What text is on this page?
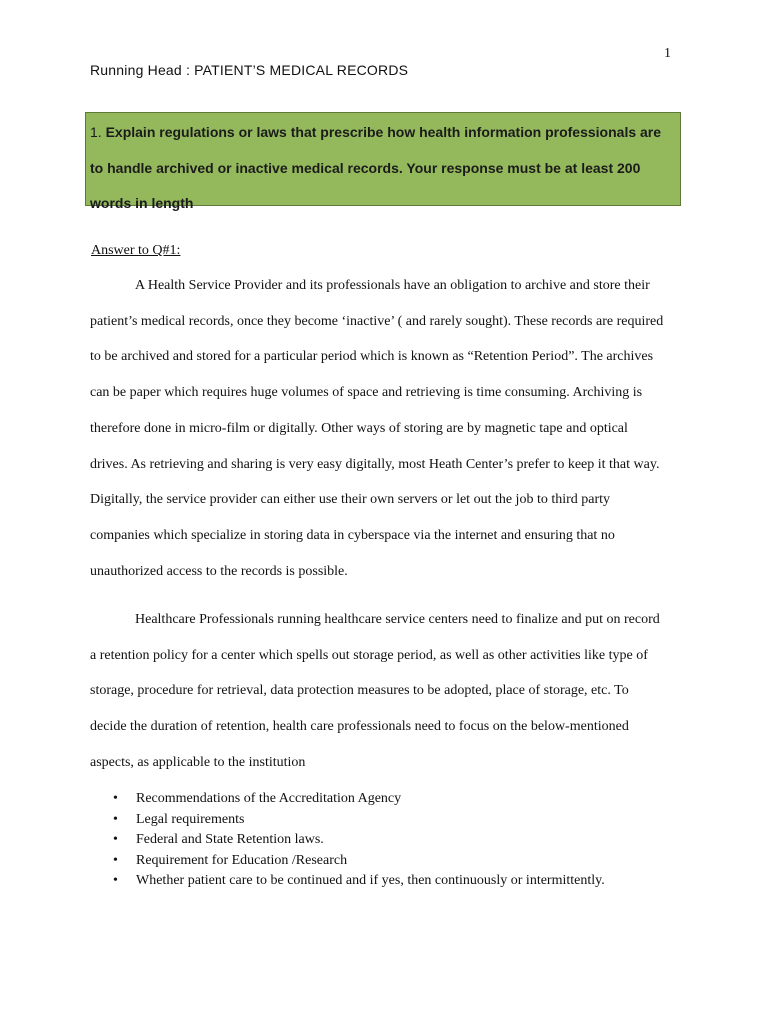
1
Running Head : PATIENT’S MEDICAL RECORDS
1. Explain regulations or laws that prescribe how health information professionals are to handle archived or inactive medical records. Your response must be at least 200 words in length
Answer to Q#1:

A Health Service Provider and its professionals have an obligation to archive and store their patient’s medical records, once they become ‘inactive’ ( and rarely sought). These records are required to be archived and stored for a particular period which is known as “Retention Period”. The archives can be paper which requires huge volumes of space and retrieving is time consuming. Archiving is therefore done in micro-film or digitally. Other ways of storing are by magnetic tape and optical drives. As retrieving and sharing is very easy digitally, most Heath Center’s prefer to keep it that way. Digitally, the service provider can either use their own servers or let out the job to third party companies which specialize in storing data in cyberspace via the internet and ensuring that no unauthorized access to the records is possible.

Healthcare Professionals running healthcare service centers need to finalize and put on record a retention policy for a center which spells out storage period, as well as other activities like type of storage, procedure for retrieval, data protection measures to be adopted, place of storage, etc. To decide the duration of retention, health care professionals need to focus on the below-mentioned aspects, as applicable to the institution

• Recommendations of the Accreditation Agency
• Legal requirements
• Federal and State Retention laws.
• Requirement for Education /Research
• Whether patient care to be continued and if yes, then continuously or intermittently.
